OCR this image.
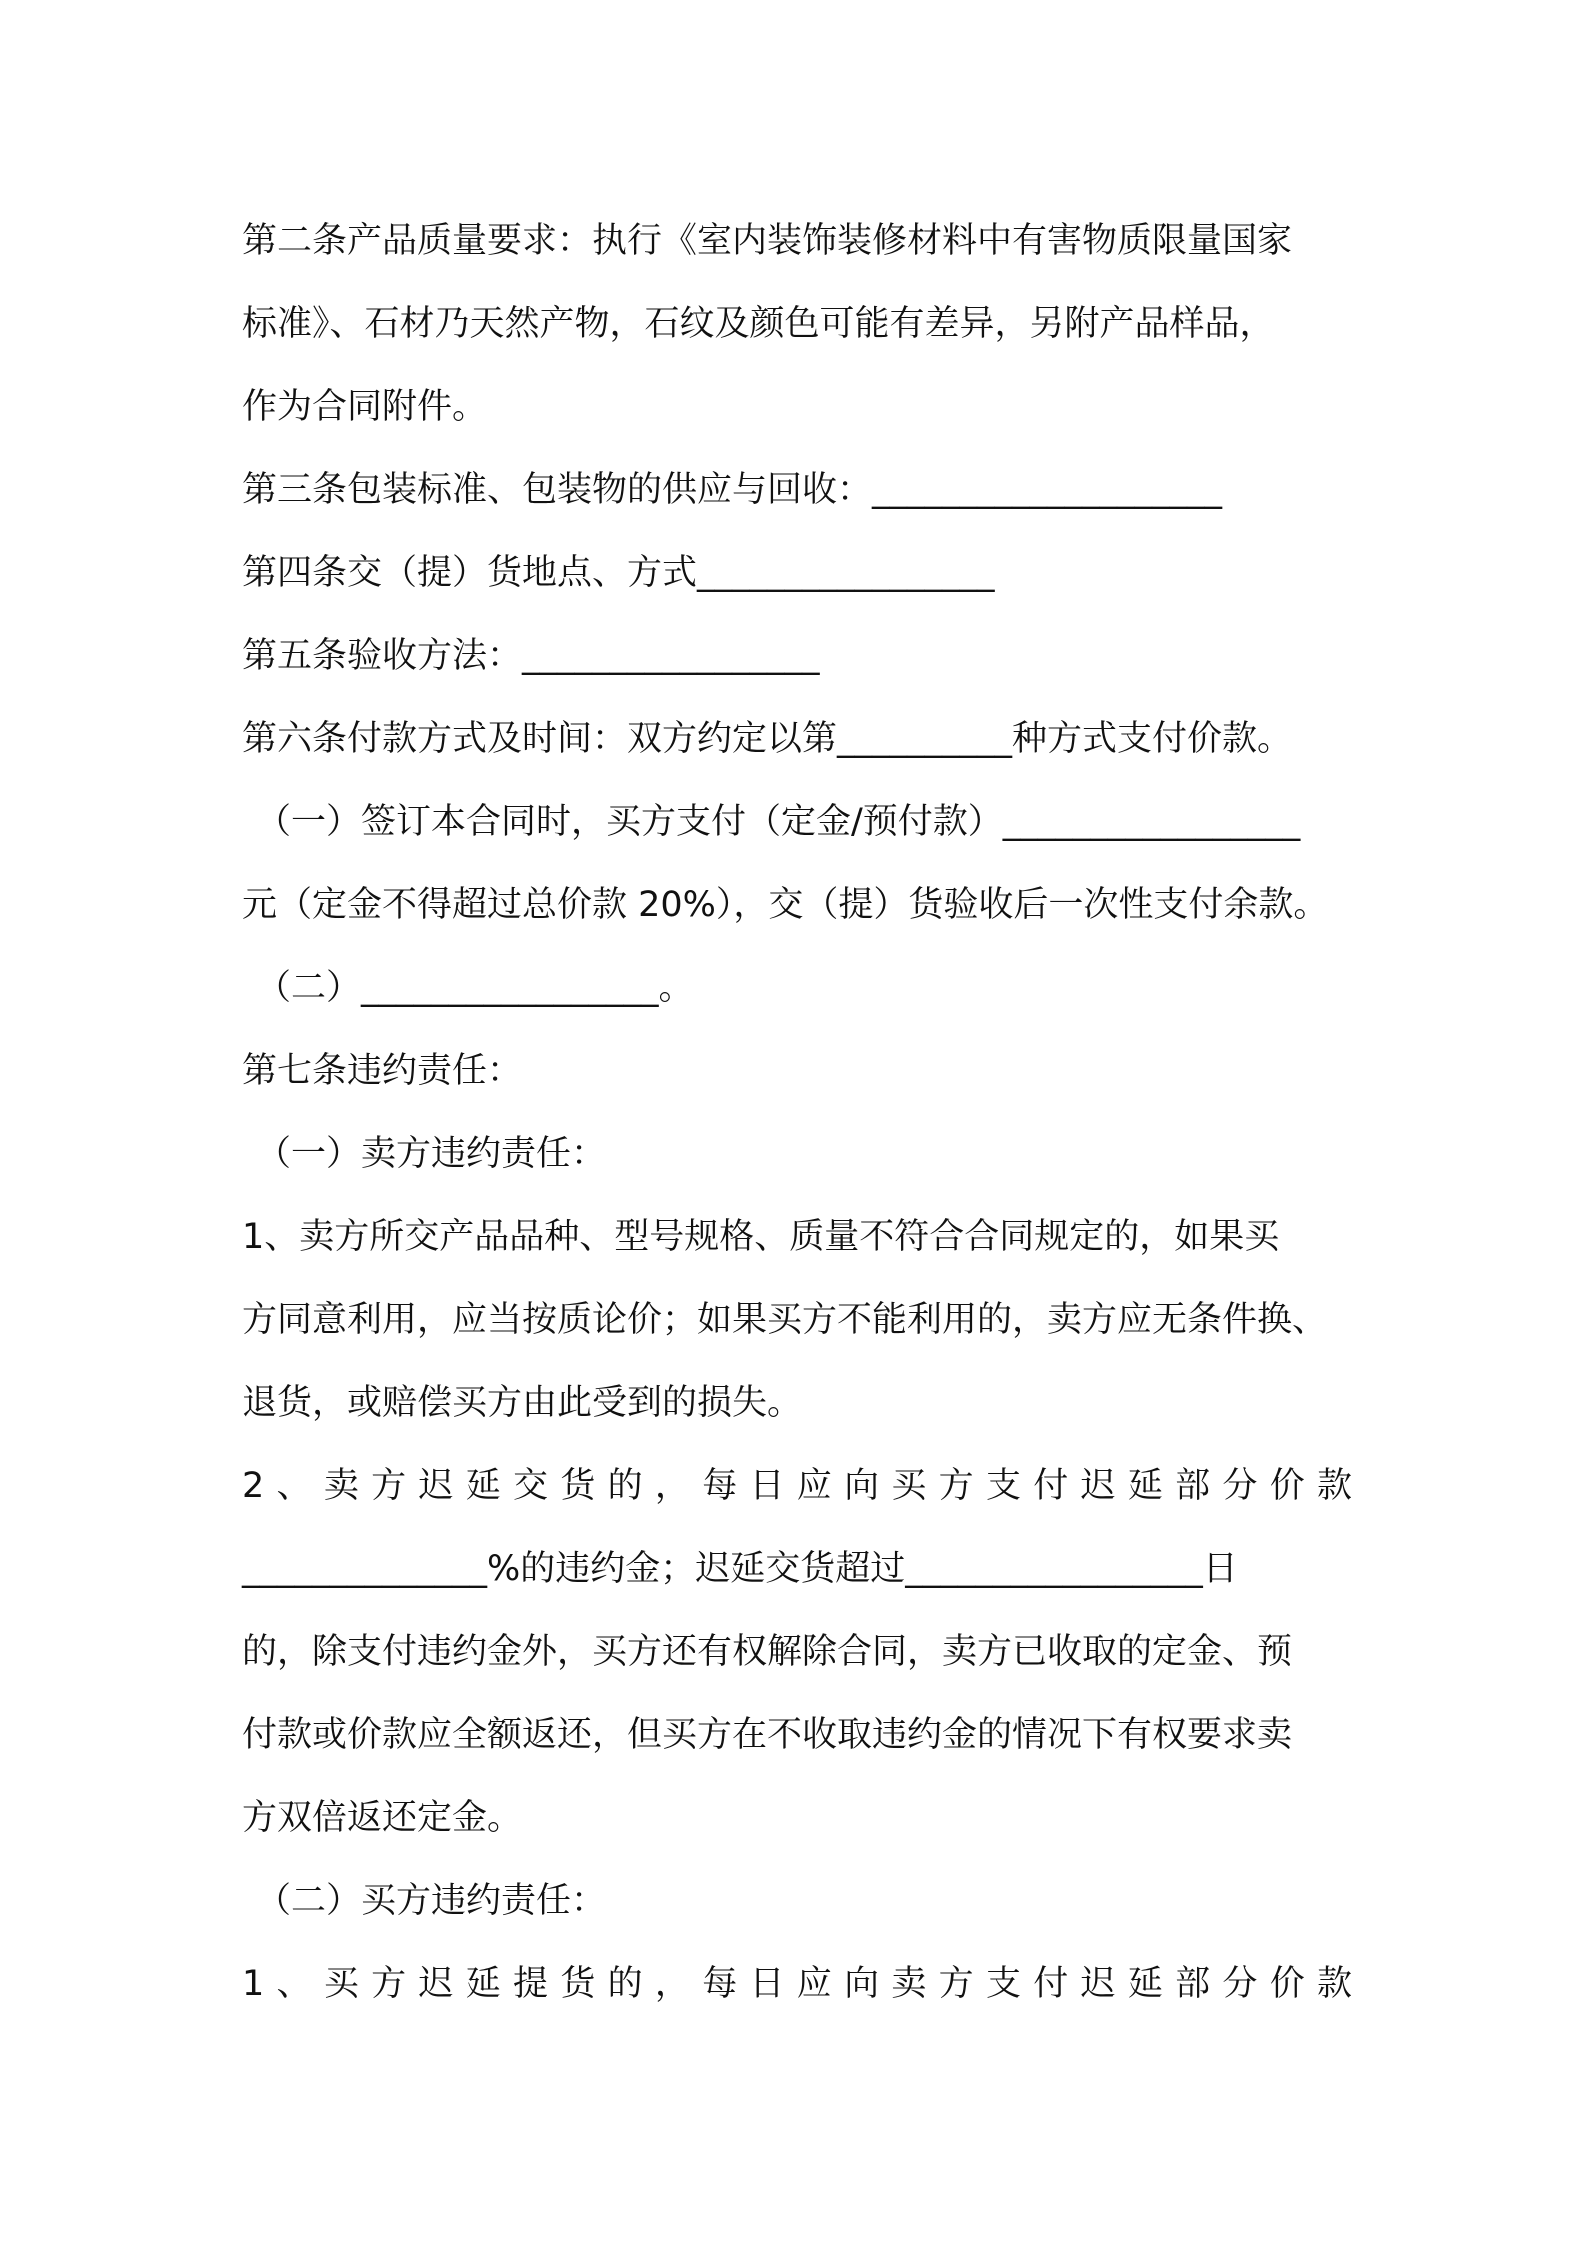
第二条产品质量要求：执行《室内装饰装修材料中有害物质限量国家

标准》、石材乃天然产物，石纹及颜色可能有差异，另附产品样品，

作为合同附件。

第三条包装标准、包装物的供应与回收：____________________

第四条交（提）货地点、方式_________________

第五条验收方法：_________________

第六条付款方式及时间：双方约定以第__________种方式支付价款。

（一）签订本合同时，买方支付（定金/预付款）_________________

元（定金不得超过总价款 20%），交（提）货验收后一次性支付余款。

（二）_________________。

第七条违约责任：

（一）卖方违约责任：

1、卖方所交产品品种、型号规格、质量不符合合同规定的，如果买

方同意利用，应当按质论价；如果买方不能利用的，卖方应无条件换、

退货，或赔偿买方由此受到的损失。

2、卖方迟延交货的，每日应向买方支付迟延部分价款

______________%的违约金；迟延交货超过_________________日

的，除支付违约金外，买方还有权解除合同，卖方已收取的定金、预

付款或价款应全额返还，但买方在不收取违约金的情况下有权要求卖

方双倍返还定金。

（二）买方违约责任：

1、买方迟延提货的，每日应向卖方支付迟延部分价款
